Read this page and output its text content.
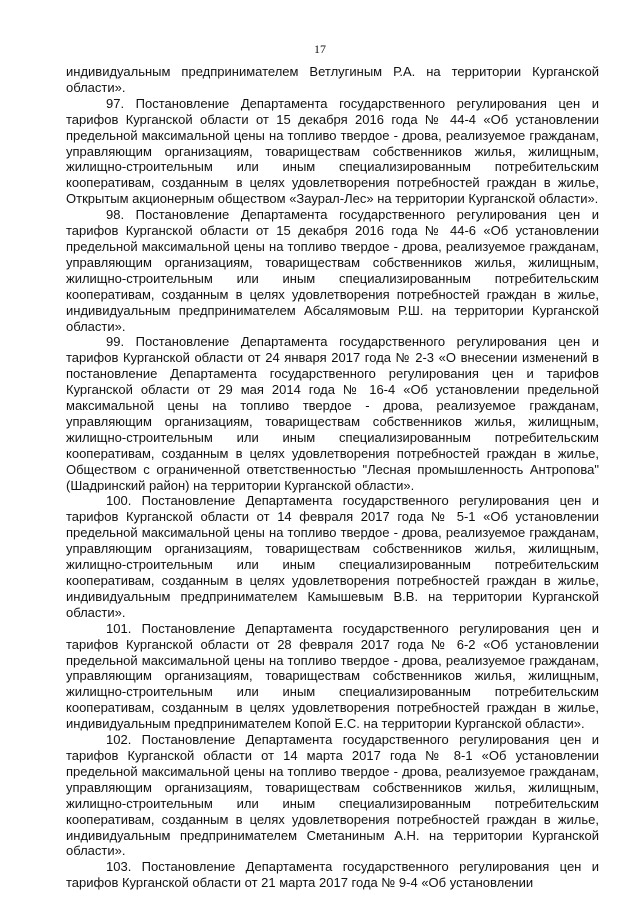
17

индивидуальным предпринимателем Ветлугиным Р.А. на территории Курганской области».

97. Постановление Департамента государственного регулирования цен и тарифов Курганской области от 15 декабря 2016 года № 44-4 «Об установлении предельной максимальной цены на топливо твердое - дрова, реализуемое гражданам, управляющим организациям, товариществам собственников жилья, жилищным, жилищно-строительным или иным специализированным потребительским кооперативам, созданным в целях удовлетворения потребностей граждан в жилье, Открытым акционерным обществом «Заурал-Лес» на территории Курганской области».

98. Постановление Департамента государственного регулирования цен и тарифов Курганской области от 15 декабря 2016 года № 44-6 «Об установлении предельной максимальной цены на топливо твердое - дрова, реализуемое гражданам, управляющим организациям, товариществам собственников жилья, жилищным, жилищно-строительным или иным специализированным потребительским кооперативам, созданным в целях удовлетворения потребностей граждан в жилье, индивидуальным предпринимателем Абсалямовым Р.Ш. на территории Курганской области».

99. Постановление Департамента государственного регулирования цен и тарифов Курганской области от 24 января 2017 года № 2-3 «О внесении изменений в постановление Департамента государственного регулирования цен и тарифов Курганской области от 29 мая 2014 года № 16-4 «Об установлении предельной максимальной цены на топливо твердое - дрова, реализуемое гражданам, управляющим организациям, товариществам собственников жилья, жилищным, жилищно-строительным или иным специализированным потребительским кооперативам, созданным в целях удовлетворения потребностей граждан в жилье, Обществом с ограниченной ответственностью "Лесная промышленность Антропова" (Шадринский район) на территории Курганской области».

100. Постановление Департамента государственного регулирования цен и тарифов Курганской области от 14 февраля 2017 года № 5-1 «Об установлении предельной максимальной цены на топливо твердое - дрова, реализуемое гражданам, управляющим организациям, товариществам собственников жилья, жилищным, жилищно-строительным или иным специализированным потребительским кооперативам, созданным в целях удовлетворения потребностей граждан в жилье, индивидуальным предпринимателем Камышевым В.В. на территории Курганской области».

101. Постановление Департамента государственного регулирования цен и тарифов Курганской области от 28 февраля 2017 года № 6-2 «Об установлении предельной максимальной цены на топливо твердое - дрова, реализуемое гражданам, управляющим организациям, товариществам собственников жилья, жилищным, жилищно-строительным или иным специализированным потребительским кооперативам, созданным в целях удовлетворения потребностей граждан в жилье, индивидуальным предпринимателем Копой Е.С. на территории Курганской области».

102. Постановление Департамента государственного регулирования цен и тарифов Курганской области от 14 марта 2017 года № 8-1 «Об установлении предельной максимальной цены на топливо твердое - дрова, реализуемое гражданам, управляющим организациям, товариществам собственников жилья, жилищным, жилищно-строительным или иным специализированным потребительским кооперативам, созданным в целях удовлетворения потребностей граждан в жилье, индивидуальным предпринимателем Сметаниным А.Н. на территории Курганской области».

103. Постановление Департамента государственного регулирования цен и тарифов Курганской области от 21 марта 2017 года № 9-4 «Об установлении
